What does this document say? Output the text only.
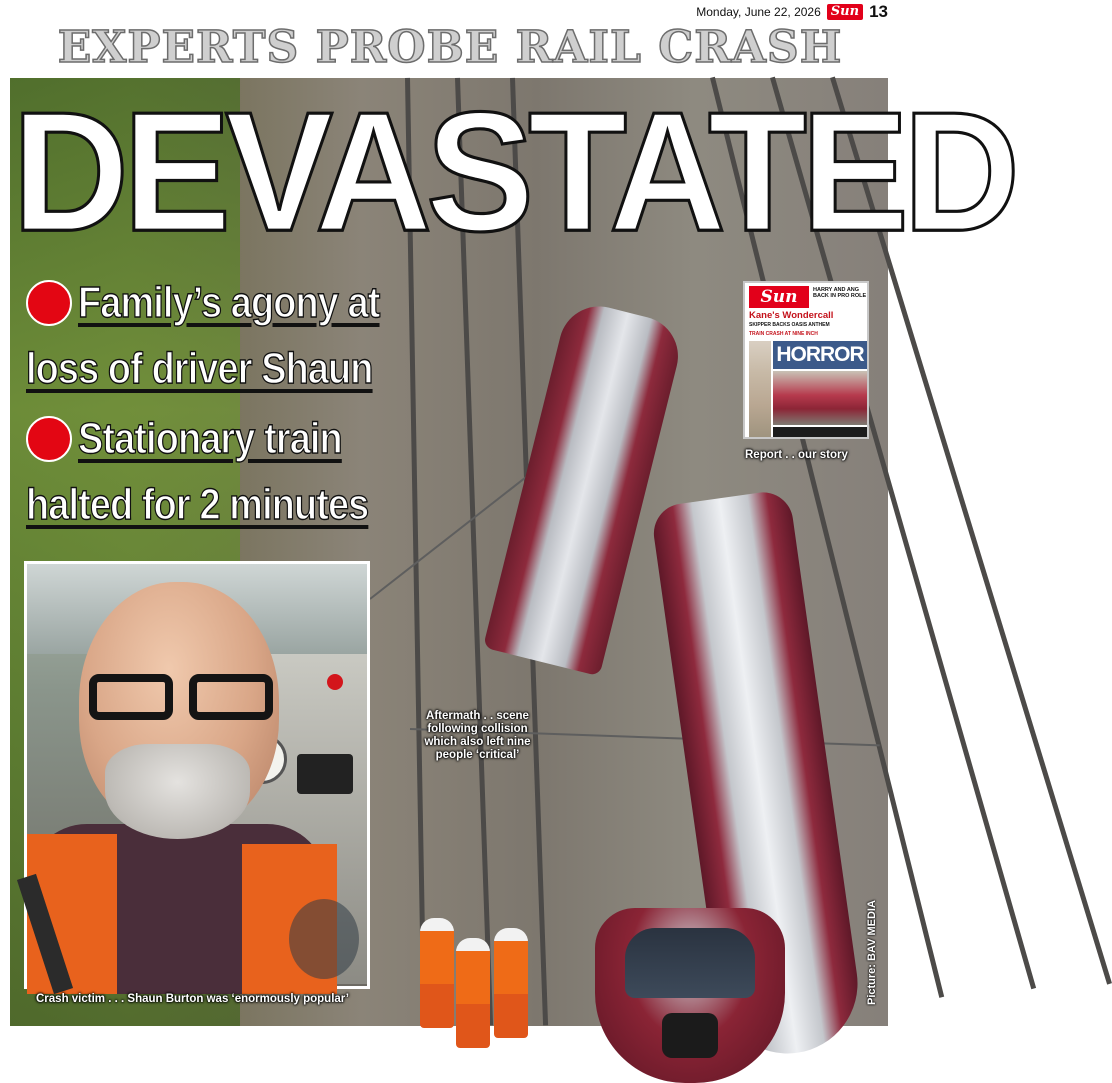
Monday, June 22, 2026 Sun 13
EXPERTS PROBE RAIL CRASH
DEVASTATED
Family’s agony at
loss of driver Shaun
Stationary train
halted for 2 minutes
Sun	HARRY AND ANG BACK IN PRO ROLE
Kane's Wondercall
SKIPPER BACKS OASIS ANTHEM
TRAIN CRASH AT NINE INCH
HORROR
Report . . our story
Aftermath . . scene following collision which also left nine people ‘critical’
Crash victim . . . Shaun Burton was ‘enormously popular’	Picture: BAV MEDIA
